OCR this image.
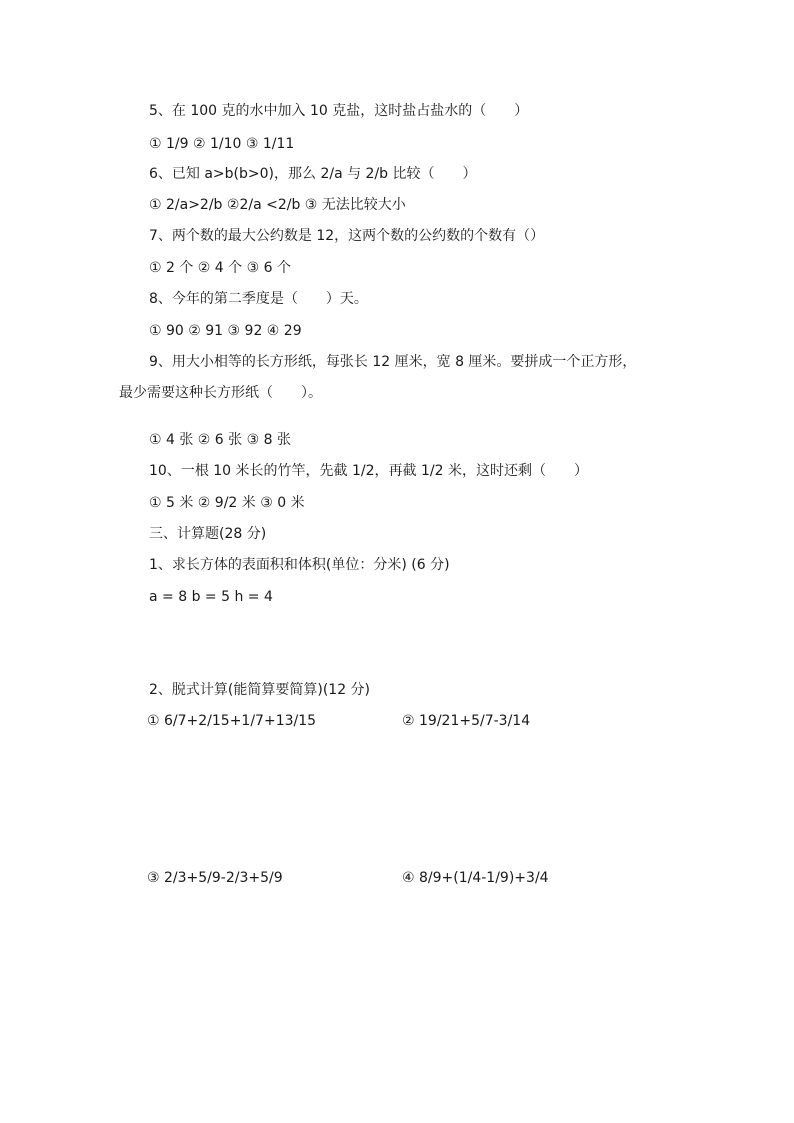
5、在 100 克的水中加入 10 克盐，这时盐占盐水的（　　）
① 1/9 ② 1/10 ③ 1/11
6、已知 a>b(b>0)，那么 2/a 与 2/b 比较（　　）
① 2/a>2/b ②2/a <2/b ③ 无法比较大小
7、两个数的最大公约数是 12，这两个数的公约数的个数有（）
① 2 个 ② 4 个 ③ 6 个
8、今年的第二季度是（　　）天。
① 90 ② 91 ③ 92 ④ 29
9、用大小相等的长方形纸，每张长 12 厘米，宽 8 厘米。要拼成一个正方形，
最少需要这种长方形纸（　　）。
① 4 张 ② 6 张 ③ 8 张
10、一根 10 米长的竹竿，先截 1/2，再截 1/2 米，这时还剩（　　）
① 5 米 ② 9/2 米 ③ 0 米
三、计算题(28 分)
1、求长方体的表面积和体积(单位：分米) (6 分)
a = 8 b = 5 h = 4
2、脱式计算(能简算要简算)(12 分)
① 6/7+2/15+1/7+13/15	② 19/21+5/7-3/14
③ 2/3+5/9-2/3+5/9	④ 8/9+(1/4-1/9)+3/4
